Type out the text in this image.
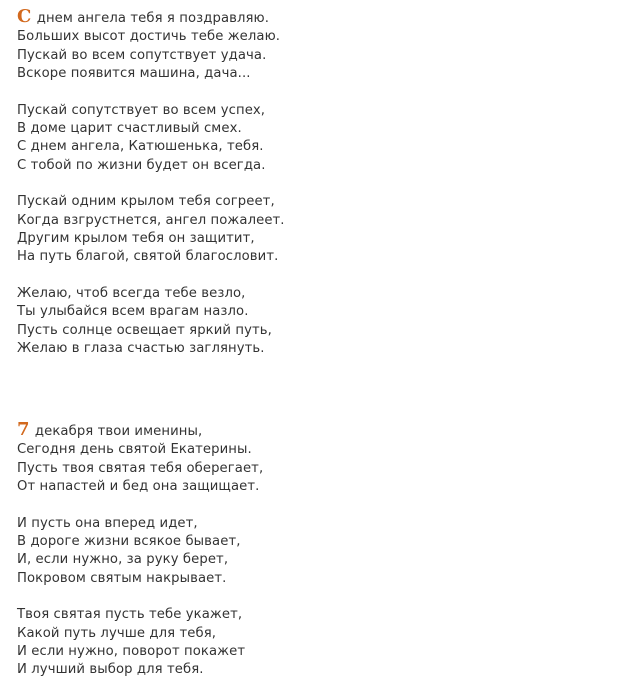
С днем ангела тебя я поздравляю.
Больших высот достичь тебе желаю.
Пускай во всем сопутствует удача.
Вскоре появится машина, дача...
Пускай сопутствует во всем успех,
В доме царит счастливый смех.
С днем ангела, Катюшенька, тебя.
С тобой по жизни будет он всегда.
Пускай одним крылом тебя согреет,
Когда взгрустнется, ангел пожалеет.
Другим крылом тебя он защитит,
На путь благой, святой благословит.
Желаю, чтоб всегда тебе везло,
Ты улыбайся всем врагам назло.
Пусть солнце освещает яркий путь,
Желаю в глаза счастью заглянуть.
7 декабря твои именины,
Сегодня день святой Екатерины.
Пусть твоя святая тебя оберегает,
От напастей и бед она защищает.
И пусть она вперед идет,
В дороге жизни всякое бывает,
И, если нужно, за руку берет,
Покровом святым накрывает.
Твоя святая пусть тебе укажет,
Какой путь лучше для тебя,
И если нужно, поворот покажет
И лучший выбор для тебя.
